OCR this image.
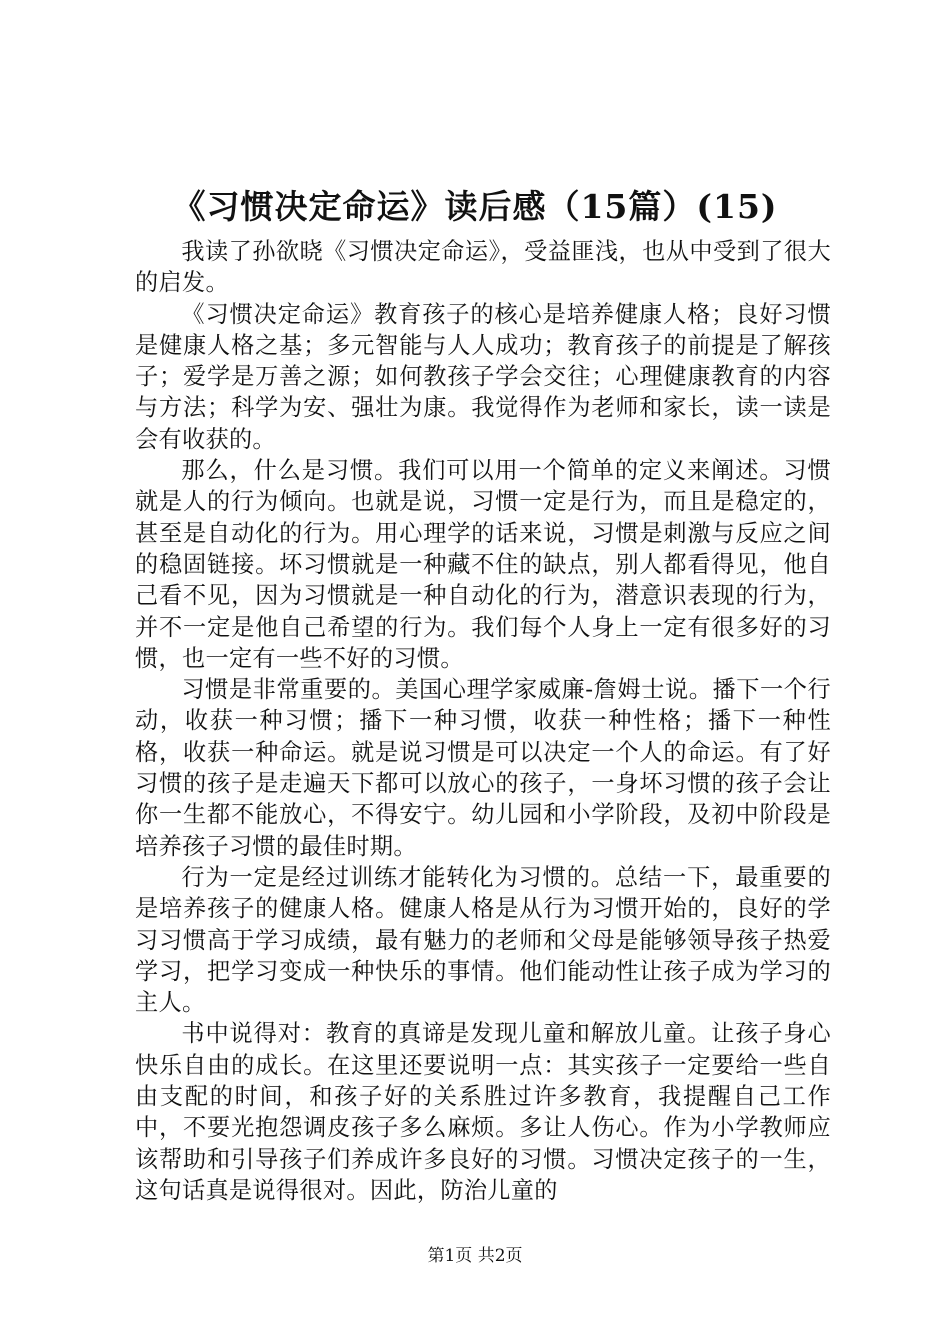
《习惯决定命运》读后感（15篇）(15)

我读了孙欲晓《习惯决定命运》，受益匪浅，也从中受到了很大的启发。

《习惯决定命运》教育孩子的核心是培养健康人格；良好习惯是健康人格之基；多元智能与人人成功；教育孩子的前提是了解孩子；爱学是万善之源；如何教孩子学会交往；心理健康教育的内容与方法；科学为安、强壮为康。我觉得作为老师和家长，读一读是会有收获的。

那么，什么是习惯。我们可以用一个简单的定义来阐述。习惯就是人的行为倾向。也就是说，习惯一定是行为，而且是稳定的，甚至是自动化的行为。用心理学的话来说，习惯是刺激与反应之间的稳固链接。坏习惯就是一种藏不住的缺点，别人都看得见，他自己看不见，因为习惯就是一种自动化的行为，潜意识表现的行为，并不一定是他自己希望的行为。我们每个人身上一定有很多好的习惯，也一定有一些不好的习惯。

习惯是非常重要的。美国心理学家威廉-詹姆士说。播下一个行动，收获一种习惯；播下一种习惯，收获一种性格；播下一种性格，收获一种命运。就是说习惯是可以决定一个人的命运。有了好习惯的孩子是走遍天下都可以放心的孩子，一身坏习惯的孩子会让你一生都不能放心，不得安宁。幼儿园和小学阶段，及初中阶段是培养孩子习惯的最佳时期。

行为一定是经过训练才能转化为习惯的。总结一下，最重要的是培养孩子的健康人格。健康人格是从行为习惯开始的，良好的学习习惯高于学习成绩，最有魅力的老师和父母是能够领导孩子热爱学习，把学习变成一种快乐的事情。他们能动性让孩子成为学习的主人。

书中说得对：教育的真谛是发现儿童和解放儿童。让孩子身心快乐自由的成长。在这里还要说明一点：其实孩子一定要给一些自由支配的时间，和孩子好的关系胜过许多教育，我提醒自己工作中，不要光抱怨调皮孩子多么麻烦。多让人伤心。作为小学教师应该帮助和引导孩子们养成许多良好的习惯。习惯决定孩子的一生，这句话真是说得很对。因此，防治儿童的

第1页 共2页
